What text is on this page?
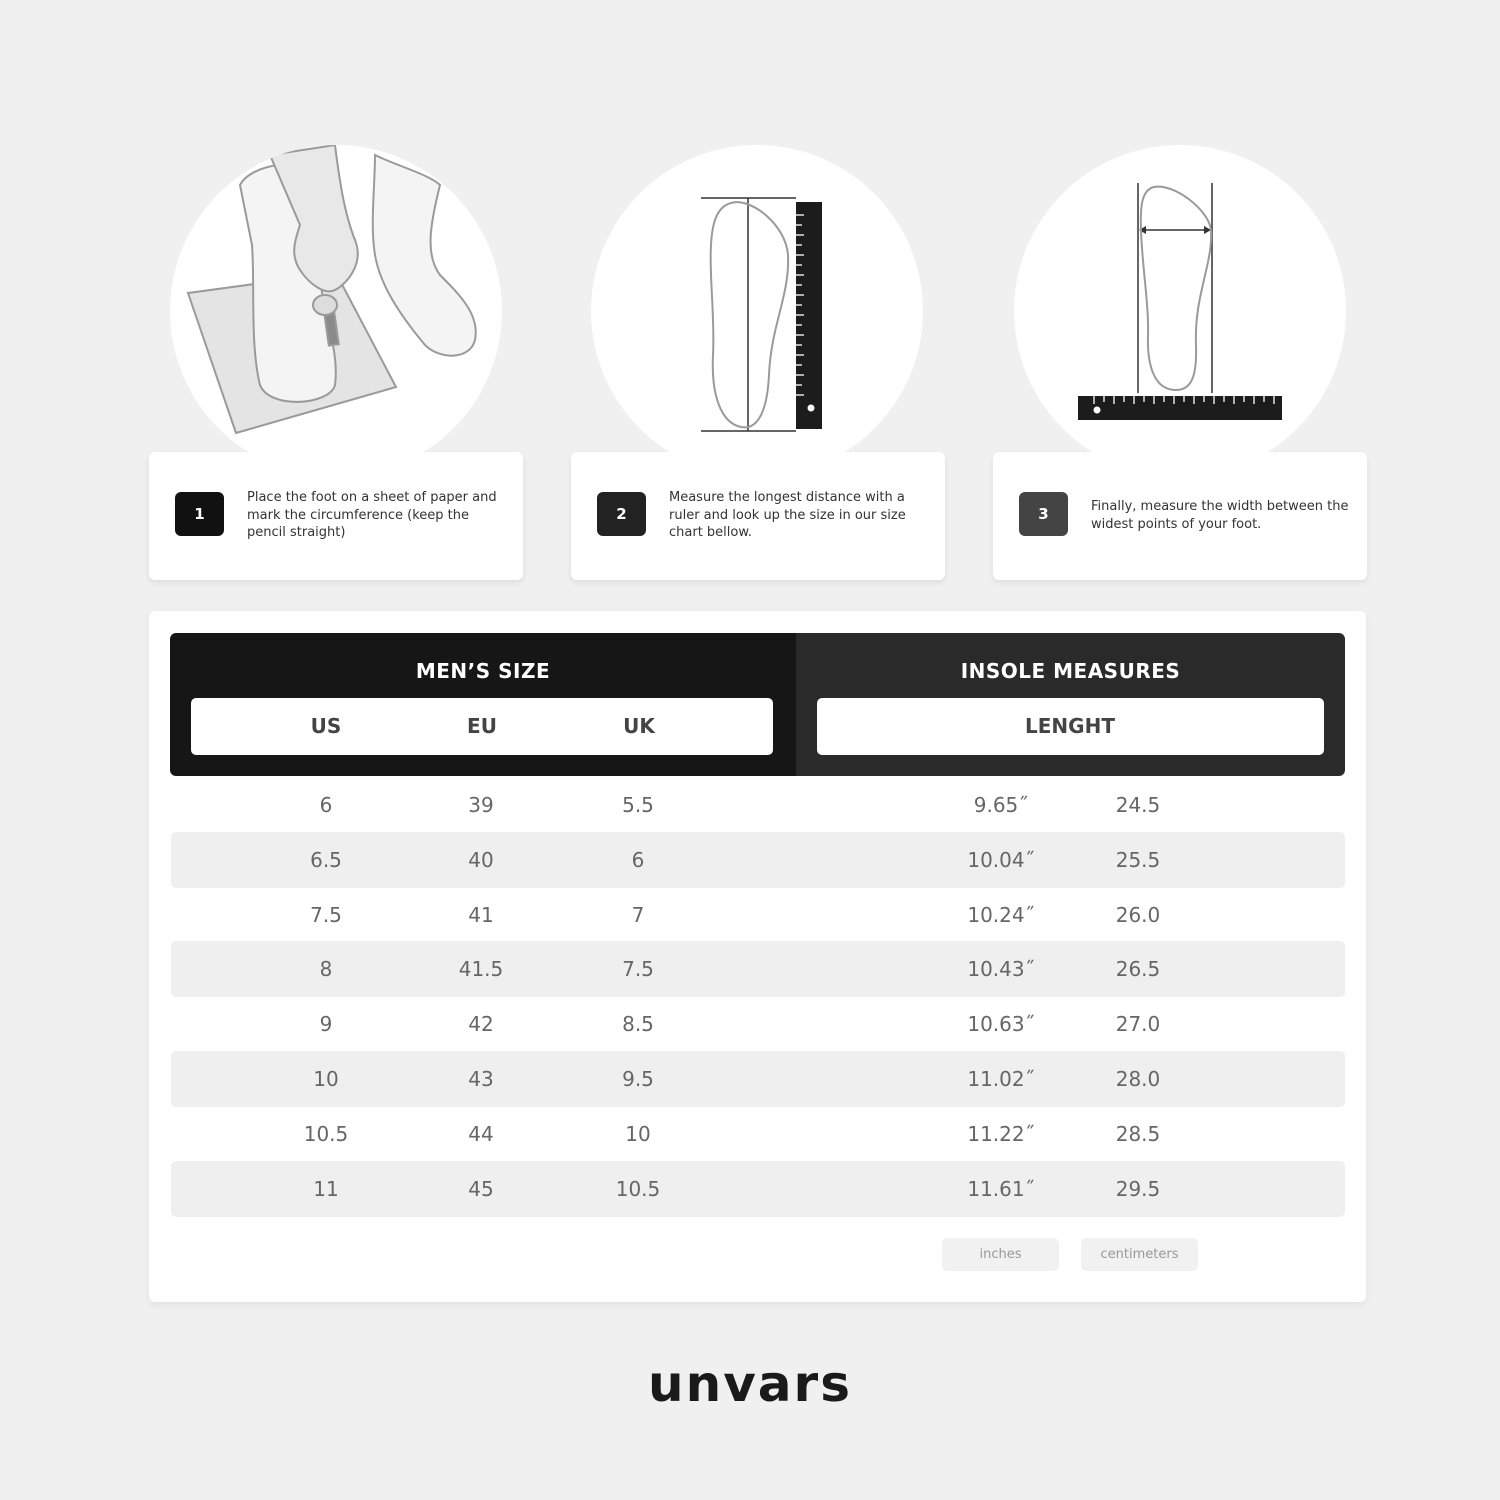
1
Place the foot on a sheet of paper and mark the circumference (keep the pencil straight)
2
Measure the longest distance with a ruler and look up the size in our size chart bellow.
3	Finally, measure the width between the widest points of your foot.
MEN’S SIZE
US	EU	UK
INSOLE MEASURES
LENGHT
6	39	5.5	9.65˝	24.5
6.5	40	6	10.04˝	25.5
7.5	41	7	10.24˝	26.0
8	41.5	7.5	10.43˝	26.5
9	42	8.5	10.63˝	27.0
10	43	9.5	11.02˝	28.0
10.5	44	10	11.22˝	28.5
11	45	10.5	11.61˝	29.5
inches	centimeters
unvars
